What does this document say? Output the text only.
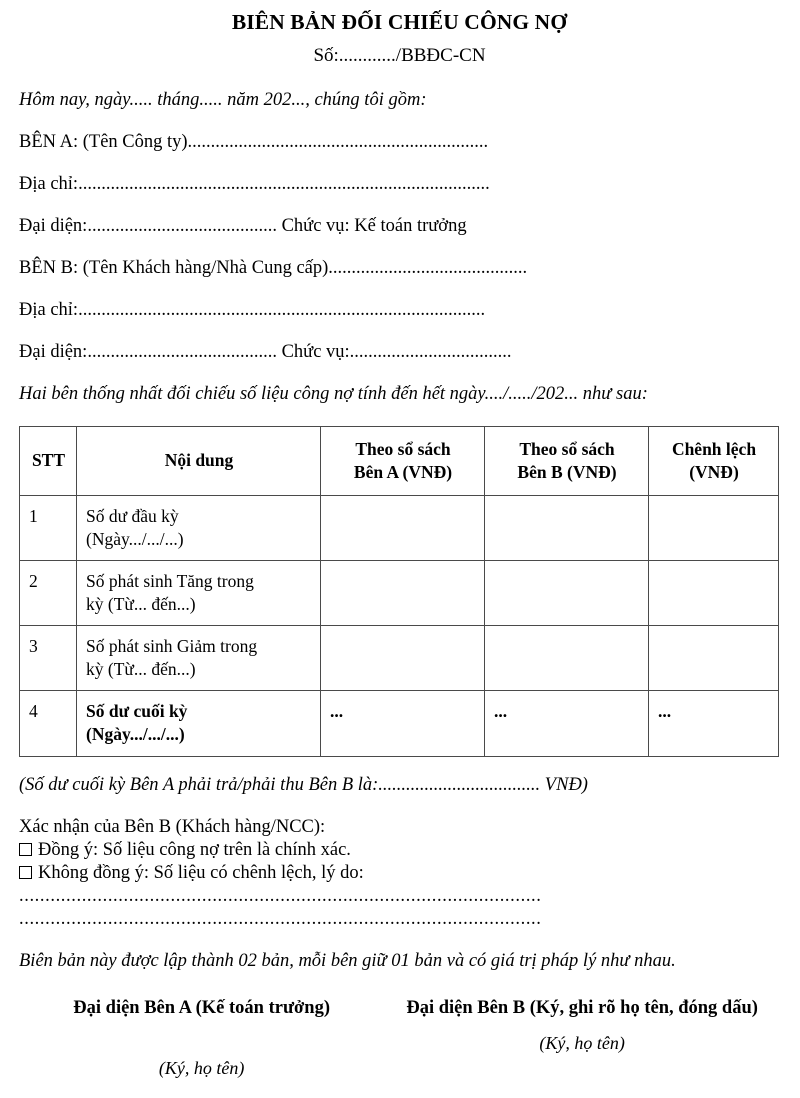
BIÊN BẢN ĐỐI CHIẾU CÔNG NỢ
Số:............/BBĐC-CN

Hôm nay, ngày..... tháng..... năm 202..., chúng tôi gồm:

BÊN A: (Tên Công ty).................................................................

Địa chỉ:.........................................................................................

Đại diện:......................................... Chức vụ: Kế toán trưởng

BÊN B: (Tên Khách hàng/Nhà Cung cấp)...........................................

Địa chỉ:........................................................................................

Đại diện:......................................... Chức vụ:...................................

Hai bên thống nhất đối chiếu số liệu công nợ tính đến hết ngày..../...../202... như sau:

STT	Nội dung	Theo sổ sách
Bên A (VNĐ)	Theo sổ sách
Bên B (VNĐ)	Chênh lệch
(VNĐ)

1	Số dư đầu kỳ
(Ngày.../.../...)			

2	Số phát sinh Tăng trong
kỳ (Từ... đến...)			

3	Số phát sinh Giảm trong
kỳ (Từ... đến...)			

4	Số dư cuối kỳ
(Ngày.../.../...)	...	...	...

(Số dư cuối kỳ Bên A phải trả/phải thu Bên B là:................................... VNĐ)

Xác nhận của Bên B (Khách hàng/NCC):

Đồng ý: Số liệu công nợ trên là chính xác.

Không đồng ý: Số liệu có chênh lệch, lý do:

....................................................................................................

....................................................................................................

Biên bản này được lập thành 02 bản, mỗi bên giữ 01 bản và có giá trị pháp lý như nhau.

Đại diện Bên A (Kế toán trưởng)

(Ký, họ tên)

Đại diện Bên B (Ký, ghi rõ họ tên, đóng dấu)

(Ký, họ tên)
